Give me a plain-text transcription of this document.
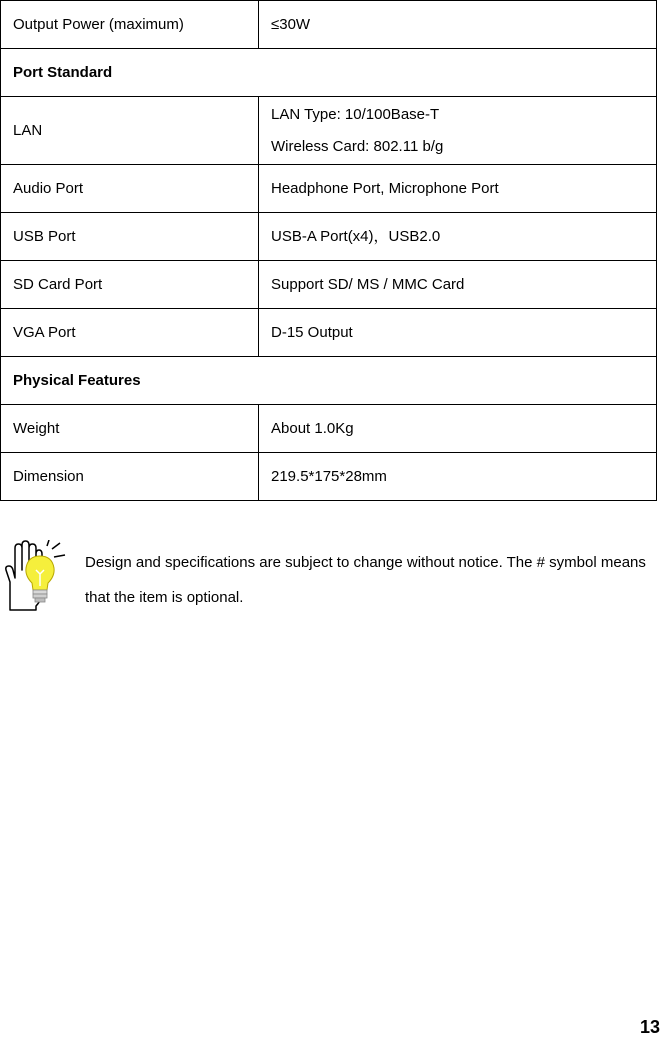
Output Power (maximum)	≤30W
Port Standard	
LAN	LAN Type: 10/100Base-T
Wireless Card: 802.11 b/g

Audio Port	Headphone Port, Microphone Port
USB Port	USB-A Port(x4)，USB2.0
SD Card Port	Support SD/ MS / MMC Card
VGA Port	D-15 Output
Physical Features	
Weight	About 1.0Kg
Dimension	219.5*175*28mm
Design and specifications are subject to change without notice. The # symbol means that the item is optional.
13
